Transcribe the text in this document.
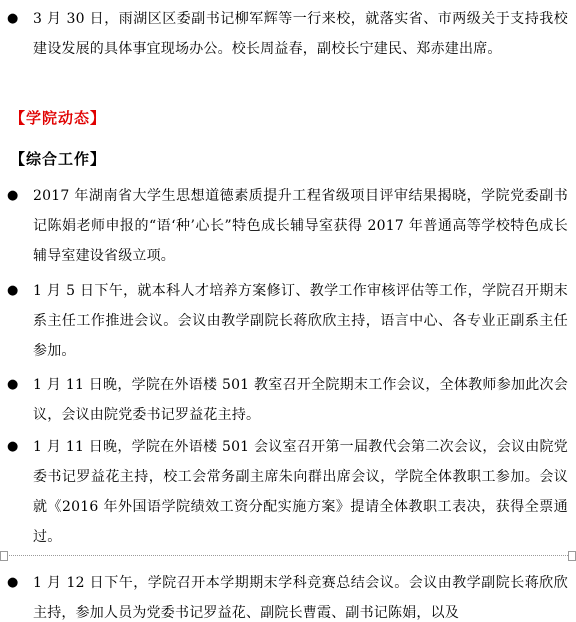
● 3 月 30 日，雨湖区区委副书记柳军辉等一行来校，就落实省、市两级关于支持我校建设发展的具体事宜现场办公。校长周益春，副校长宁建民、郑赤建出席。
【学院动态】
【综合工作】
● 2017 年湖南省大学生思想道德素质提升工程省级项目评审结果揭晓，学院党委副书记陈娟老师申报的“语‘种’心长”特色成长辅导室获得 2017 年普通高等学校特色成长辅导室建设省级立项。
● 1 月 5 日下午，就本科人才培养方案修订、教学工作审核评估等工作，学院召开期末系主任工作推进会议。会议由教学副院长蒋欣欣主持，语言中心、各专业正副系主任参加。
● 1 月 11 日晚，学院在外语楼 501 教室召开全院期末工作会议，全体教师参加此次会议，会议由院党委书记罗益花主持。
● 1 月 11 日晚，学院在外语楼 501 会议室召开第一届教代会第二次会议，会议由院党委书记罗益花主持，校工会常务副主席朱向群出席会议，学院全体教职工参加。会议就《2016 年外国语学院绩效工资分配实施方案》提请全体教职工表决，获得全票通过。
● 1 月 12 日下午，学院召开本学期期末学科竞赛总结会议。会议由教学副院长蒋欣欣主持，参加人员为党委书记罗益花、副院长曹霞、副书记陈娟，以及
